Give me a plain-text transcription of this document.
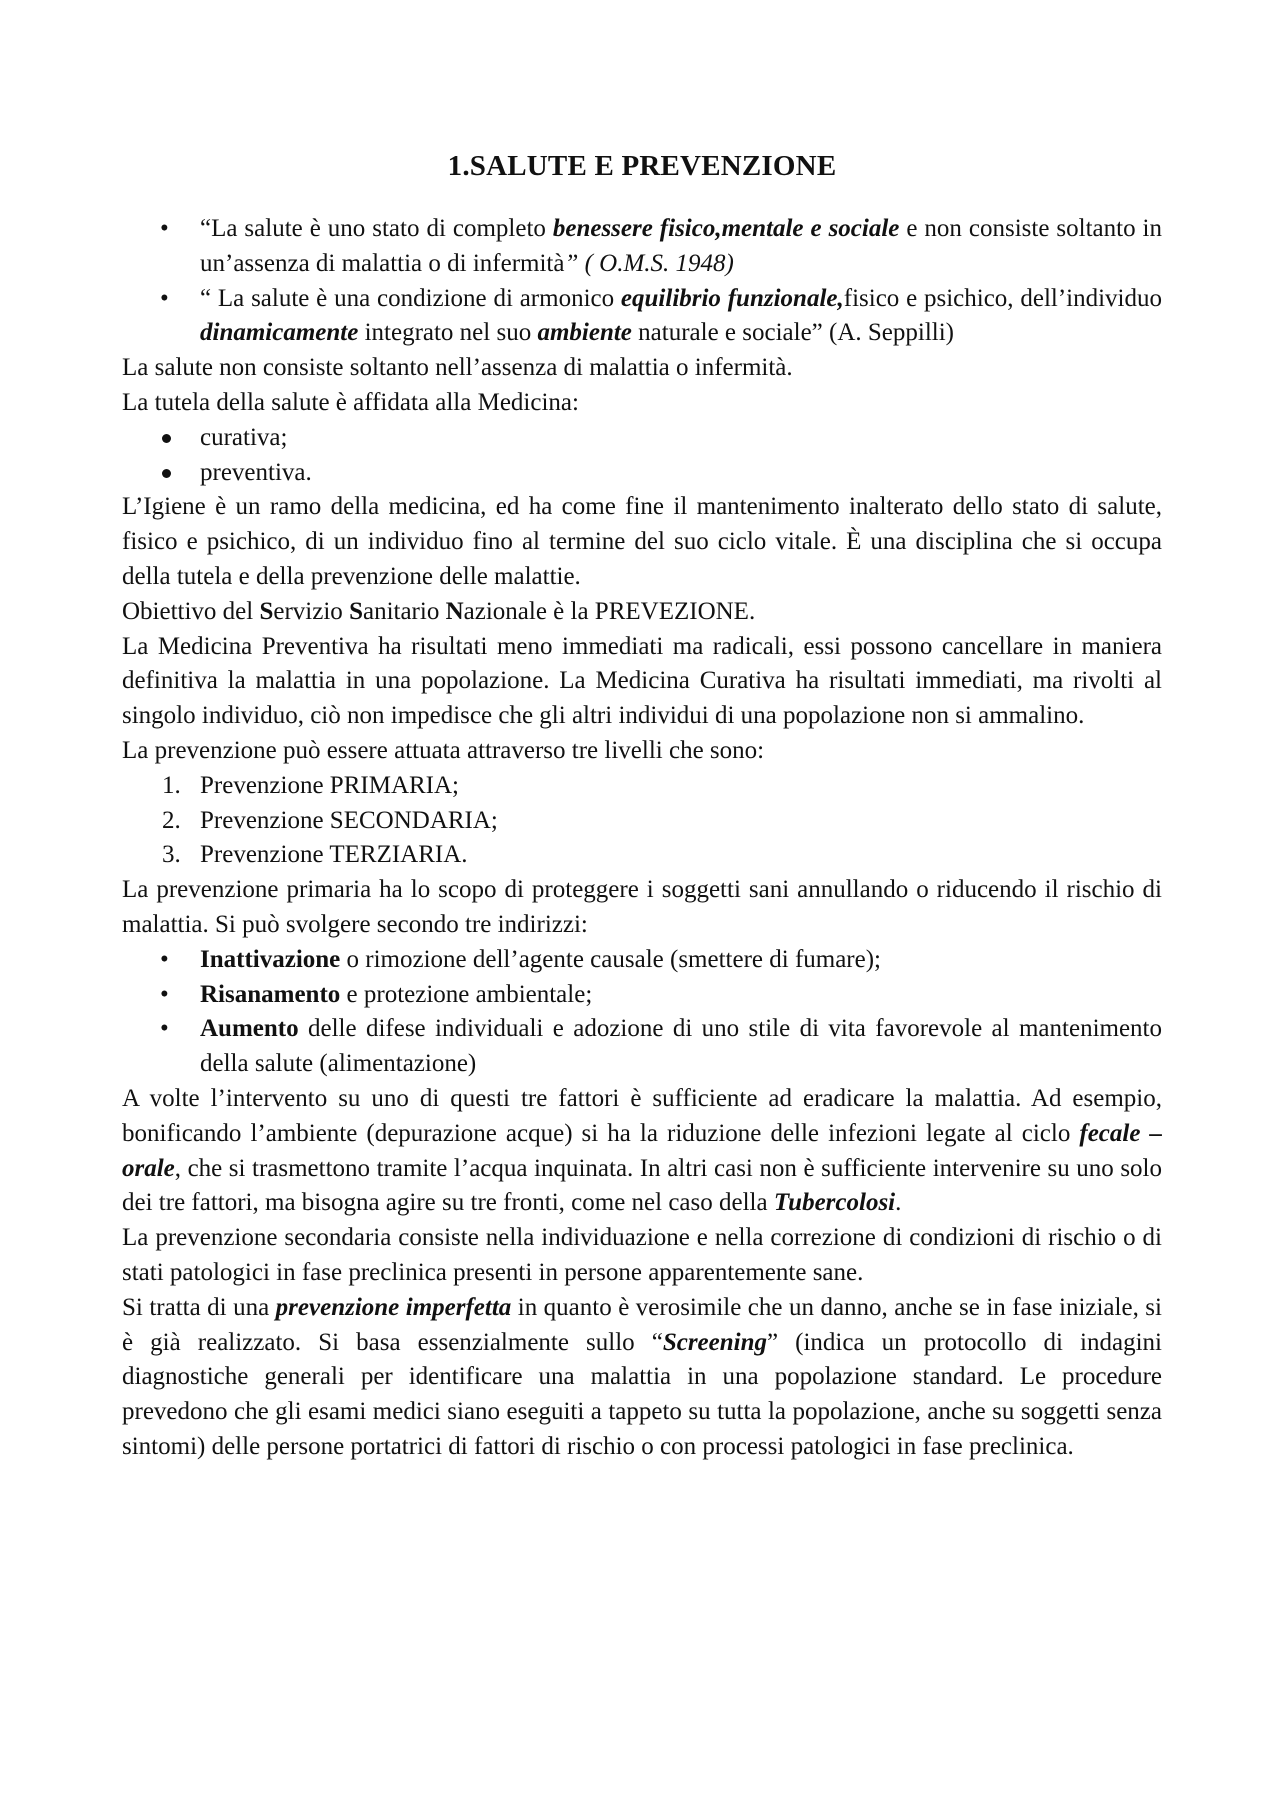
1.SALUTE E PREVENZIONE
• “La salute è uno stato di completo benessere fisico,mentale e sociale e non consiste soltanto in un’assenza di malattia o di infermità” ( O.M.S. 1948)
• “ La salute è una condizione di armonico equilibrio funzionale,fisico e psichico, dell’individuo dinamicamente integrato nel suo ambiente naturale e sociale” (A. Seppilli)

La salute non consiste soltanto nell’assenza di malattia o infermità.

La tutela della salute è affidata alla Medicina:

curativa;
preventiva.

L’Igiene è un ramo della medicina, ed ha come fine il mantenimento inalterato dello stato di salute, fisico e psichico, di un individuo fino al termine del suo ciclo vitale. È una disciplina che si occupa della tutela e della prevenzione delle malattie.

Obiettivo del Servizio Sanitario Nazionale è la PREVEZIONE.

La Medicina Preventiva ha risultati meno immediati ma radicali, essi possono cancellare in maniera definitiva la malattia in una popolazione. La Medicina Curativa ha risultati immediati, ma rivolti al singolo individuo, ciò non impedisce che gli altri individui di una popolazione non si ammalino.

La prevenzione può essere attuata attraverso tre livelli che sono:

1. Prevenzione PRIMARIA;
2. Prevenzione SECONDARIA;
3. Prevenzione TERZIARIA.

La prevenzione primaria ha lo scopo di proteggere i soggetti sani annullando o riducendo il rischio di malattia. Si può svolgere secondo tre indirizzi:

• Inattivazione o rimozione dell’agente causale (smettere di fumare);
• Risanamento e protezione ambientale;
• Aumento delle difese individuali e adozione di uno stile di vita favorevole al mantenimento della salute (alimentazione)

A volte l’intervento su uno di questi tre fattori è sufficiente ad eradicare la malattia. Ad esempio, bonificando l’ambiente (depurazione acque) si ha la riduzione delle infezioni legate al ciclo fecale – orale, che si trasmettono tramite l’acqua inquinata. In altri casi non è sufficiente intervenire su uno solo dei tre fattori, ma bisogna agire su tre fronti, come nel caso della Tubercolosi.

La prevenzione secondaria consiste nella individuazione e nella correzione di condizioni di rischio o di stati patologici in fase preclinica presenti in persone apparentemente sane.

Si tratta di una prevenzione imperfetta in quanto è verosimile che un danno, anche se in fase iniziale, si è già realizzato. Si basa essenzialmente sullo “Screening” (indica un protocollo di indagini diagnostiche generali per identificare una malattia in una popolazione standard. Le procedure prevedono che gli esami medici siano eseguiti a tappeto su tutta la popolazione, anche su soggetti senza sintomi) delle persone portatrici di fattori di rischio o con processi patologici in fase preclinica.
